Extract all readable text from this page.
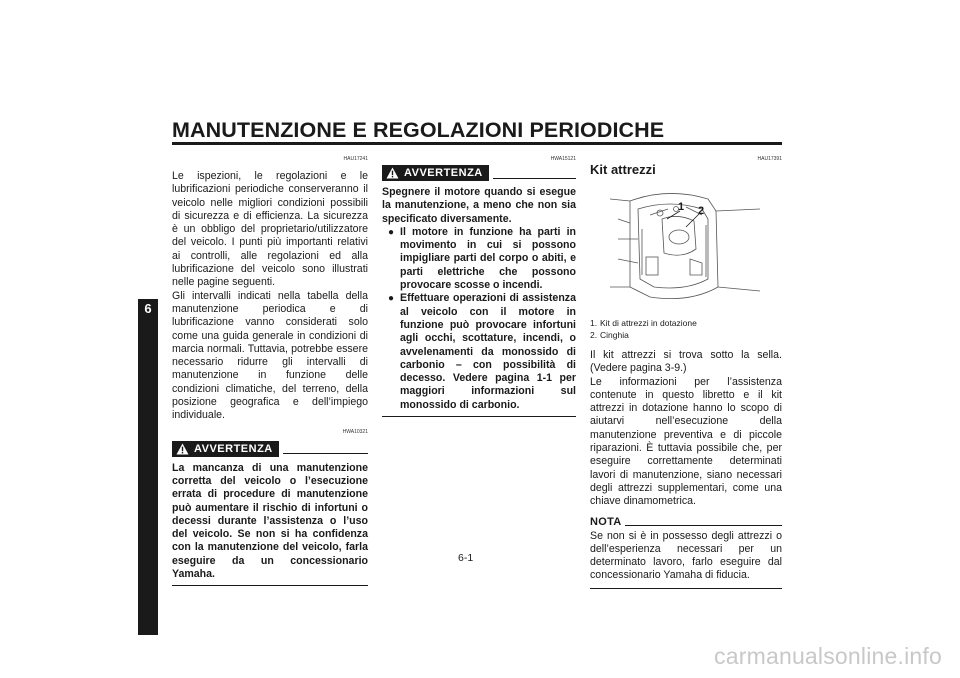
MANUTENZIONE E REGOLAZIONI PERIODICHE
6
HAU17241

Le ispezioni, le regolazioni e le lubrificazioni periodiche conserveranno il veicolo nelle migliori condizioni possibili di sicurezza e di efficienza. La sicurezza è un obbligo del proprietario/utilizzatore del veicolo. I punti più importanti relativi ai controlli, alle regolazioni ed alla lubrificazione del veicolo sono illustrati nelle pagine seguenti.

Gli intervalli indicati nella tabella della manutenzione periodica e di lubrificazione vanno considerati solo come una guida generale in condizioni di marcia normali. Tuttavia, potrebbe essere necessario ridurre gli intervalli di manutenzione in funzione delle condizioni climatiche, del terreno, della posizione geografica e dell’impiego individuale.

HWA10321
AVVERTENZA
La mancanza di una manutenzione corretta del veicolo o l’esecuzione errata di procedure di manutenzione può aumentare il rischio di infortuni o decessi durante l’assistenza o l’uso del veicolo. Se non si ha confidenza con la manutenzione del veicolo, farla eseguire da un concessionario Yamaha.
HWA15121
AVVERTENZA
Spegnere il motore quando si esegue la manutenzione, a meno che non sia specificato diversamente.
● Il motore in funzione ha parti in movimento in cui si possono impigliare parti del corpo o abiti, e parti elettriche che possono provocare scosse o incendi.
● Effettuare operazioni di assistenza al veicolo con il motore in funzione può provocare infortuni agli occhi, scottature, incendi, o avvelenamenti da monossido di carbonio – con possibilità di decesso. Vedere pagina 1-1 per maggiori informazioni sul monossido di carbonio.
HAU17391
Kit attrezzi
1 2
1. Kit di attrezzi in dotazione
2. Cinghia

Il kit attrezzi si trova sotto la sella. (Vedere pagina 3-9.)

Le informazioni per l’assistenza contenute in questo libretto e il kit attrezzi in dotazione hanno lo scopo di aiutarvi nell’esecuzione della manutenzione preventiva e di piccole riparazioni. È tuttavia possibile che, per eseguire correttamente determinati lavori di manutenzione, siano necessari degli attrezzi supplementari, come una chiave dinamometrica.

NOTA
Se non si è in possesso degli attrezzi o dell’esperienza necessari per un determinato lavoro, farlo eseguire dal concessionario Yamaha di fiducia.
6-1
carmanualsonline.info
